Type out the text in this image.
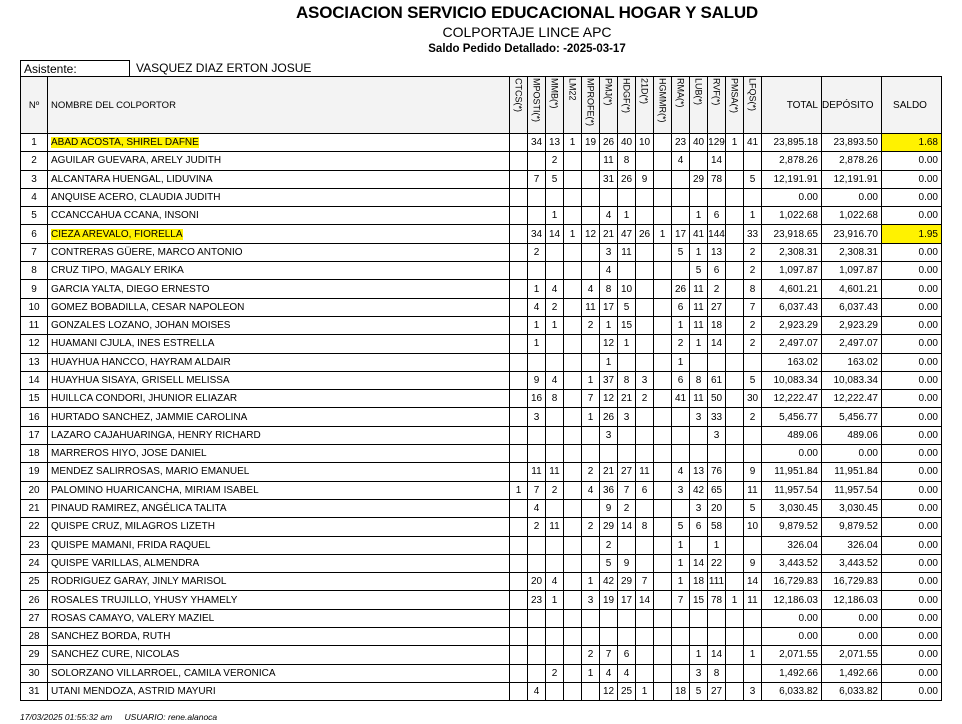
ASOCIACION SERVICIO EDUCACIONAL HOGAR Y SALUD
COLPORTAJE LINCE APC
Saldo Pedido Detallado: -2025-03-17
Asistente:	VASQUEZ DIAZ ERTON JOSUE
Nº	NOMBRE DEL COLPORTOR	CTCS(*)	MPOSTI(*)	MMB(*)	LM22	MPROFE(*)	PMJ(*)	HDGF(*)	21D(*)	HGMMR(*)	RMA(*)	LUB(*)	RVF(*)	PMSA(*)	LFQS(*)	TOTAL	DEPÓSITO	SALDO
1	ABAD ACOSTA, SHIREL DAFNE		34	13	1	19	26	40	10		23	40	129	1	41	23,895.18	23,893.50	1.68
2	AGUILAR GUEVARA, ARELY JUDITH			2			11	8			4		14			2,878.26	2,878.26	0.00
3	ALCANTARA HUENGAL, LIDUVINA		7	5			31	26	9			29	78		5	12,191.91	12,191.91	0.00
4	ANQUISE ACERO, CLAUDIA JUDITH															0.00	0.00	0.00
5	CCANCCAHUA CCANA, INSONI			1			4	1				1	6		1	1,022.68	1,022.68	0.00
6	CIEZA AREVALO, FIORELLA		34	14	1	12	21	47	26	1	17	41	144		33	23,918.65	23,916.70	1.95
7	CONTRERAS GÜERE, MARCO ANTONIO		2				3	11			5	1	13		2	2,308.31	2,308.31	0.00
8	CRUZ TIPO, MAGALY ERIKA						4					5	6		2	1,097.87	1,097.87	0.00
9	GARCIA YALTA, DIEGO ERNESTO		1	4		4	8	10			26	11	2		8	4,601.21	4,601.21	0.00
10	GOMEZ BOBADILLA, CESAR NAPOLEON		4	2		11	17	5			6	11	27		7	6,037.43	6,037.43	0.00
11	GONZALES LOZANO, JOHAN MOISES		1	1		2	1	15			1	11	18		2	2,923.29	2,923.29	0.00
12	HUAMANI CJULA, INES ESTRELLA		1				12	1			2	1	14		2	2,497.07	2,497.07	0.00
13	HUAYHUA HANCCO, HAYRAM ALDAIR						1				1					163.02	163.02	0.00
14	HUAYHUA SISAYA, GRISELL MELISSA		9	4		1	37	8	3		6	8	61		5	10,083.34	10,083.34	0.00
15	HUILLCA CONDORI, JHUNIOR ELIAZAR		16	8		7	12	21	2		41	11	50		30	12,222.47	12,222.47	0.00
16	HURTADO SANCHEZ, JAMMIE CAROLINA		3			1	26	3				3	33		2	5,456.77	5,456.77	0.00
17	LAZARO CAJAHUARINGA, HENRY RICHARD						3						3			489.06	489.06	0.00
18	MARREROS HIYO, JOSE DANIEL															0.00	0.00	0.00
19	MENDEZ SALIRROSAS, MARIO EMANUEL		11	11		2	21	27	11		4	13	76		9	11,951.84	11,951.84	0.00
20	PALOMINO HUARICANCHA, MIRIAM ISABEL	1	7	2		4	36	7	6		3	42	65		11	11,957.54	11,957.54	0.00
21	PINAUD RAMIREZ, ANGÉLICA TALITA		4				9	2				3	20		5	3,030.45	3,030.45	0.00
22	QUISPE CRUZ, MILAGROS LIZETH		2	11		2	29	14	8		5	6	58		10	9,879.52	9,879.52	0.00
23	QUISPE MAMANI, FRIDA RAQUEL						2				1		1			326.04	326.04	0.00
24	QUISPE VARILLAS, ALMENDRA						5	9			1	14	22		9	3,443.52	3,443.52	0.00
25	RODRIGUEZ GARAY, JINLY MARISOL		20	4		1	42	29	7		1	18	111		14	16,729.83	16,729.83	0.00
26	ROSALES TRUJILLO, YHUSY YHAMELY		23	1		3	19	17	14		7	15	78	1	11	12,186.03	12,186.03	0.00
27	ROSAS CAMAYO, VALERY MAZIEL															0.00	0.00	0.00
28	SANCHEZ BORDA, RUTH															0.00	0.00	0.00
29	SANCHEZ CURE, NICOLAS					2	7	6				1	14		1	2,071.55	2,071.55	0.00
30	SOLORZANO VILLARROEL, CAMILA VERONICA			2		1	4	4				3	8			1,492.66	1,492.66	0.00
31	UTANI MENDOZA, ASTRID MAYURI		4				12	25	1		18	5	27		3	6,033.82	6,033.82	0.00
17/03/2025 01:55:32 am USUARIO: rene.alanoca
